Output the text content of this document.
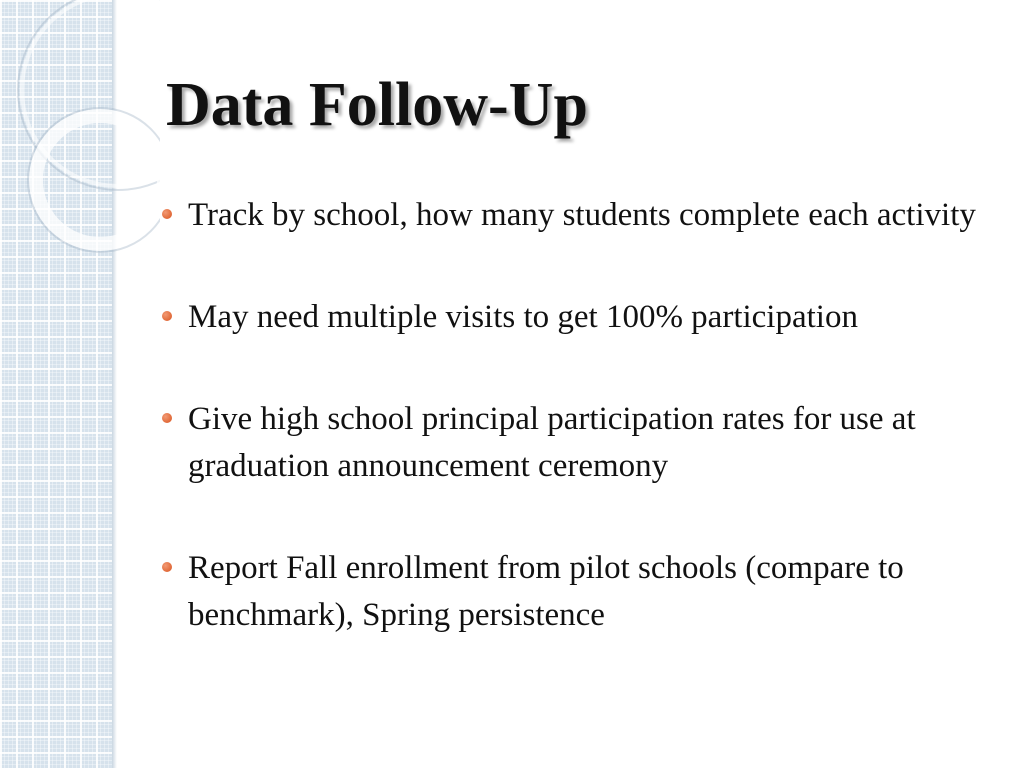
Data Follow-Up
Track by school, how many students complete each activity
May need multiple visits to get 100% participation
Give high school principal participation rates for use at graduation announcement ceremony
Report Fall enrollment from pilot schools (compare to benchmark), Spring persistence
